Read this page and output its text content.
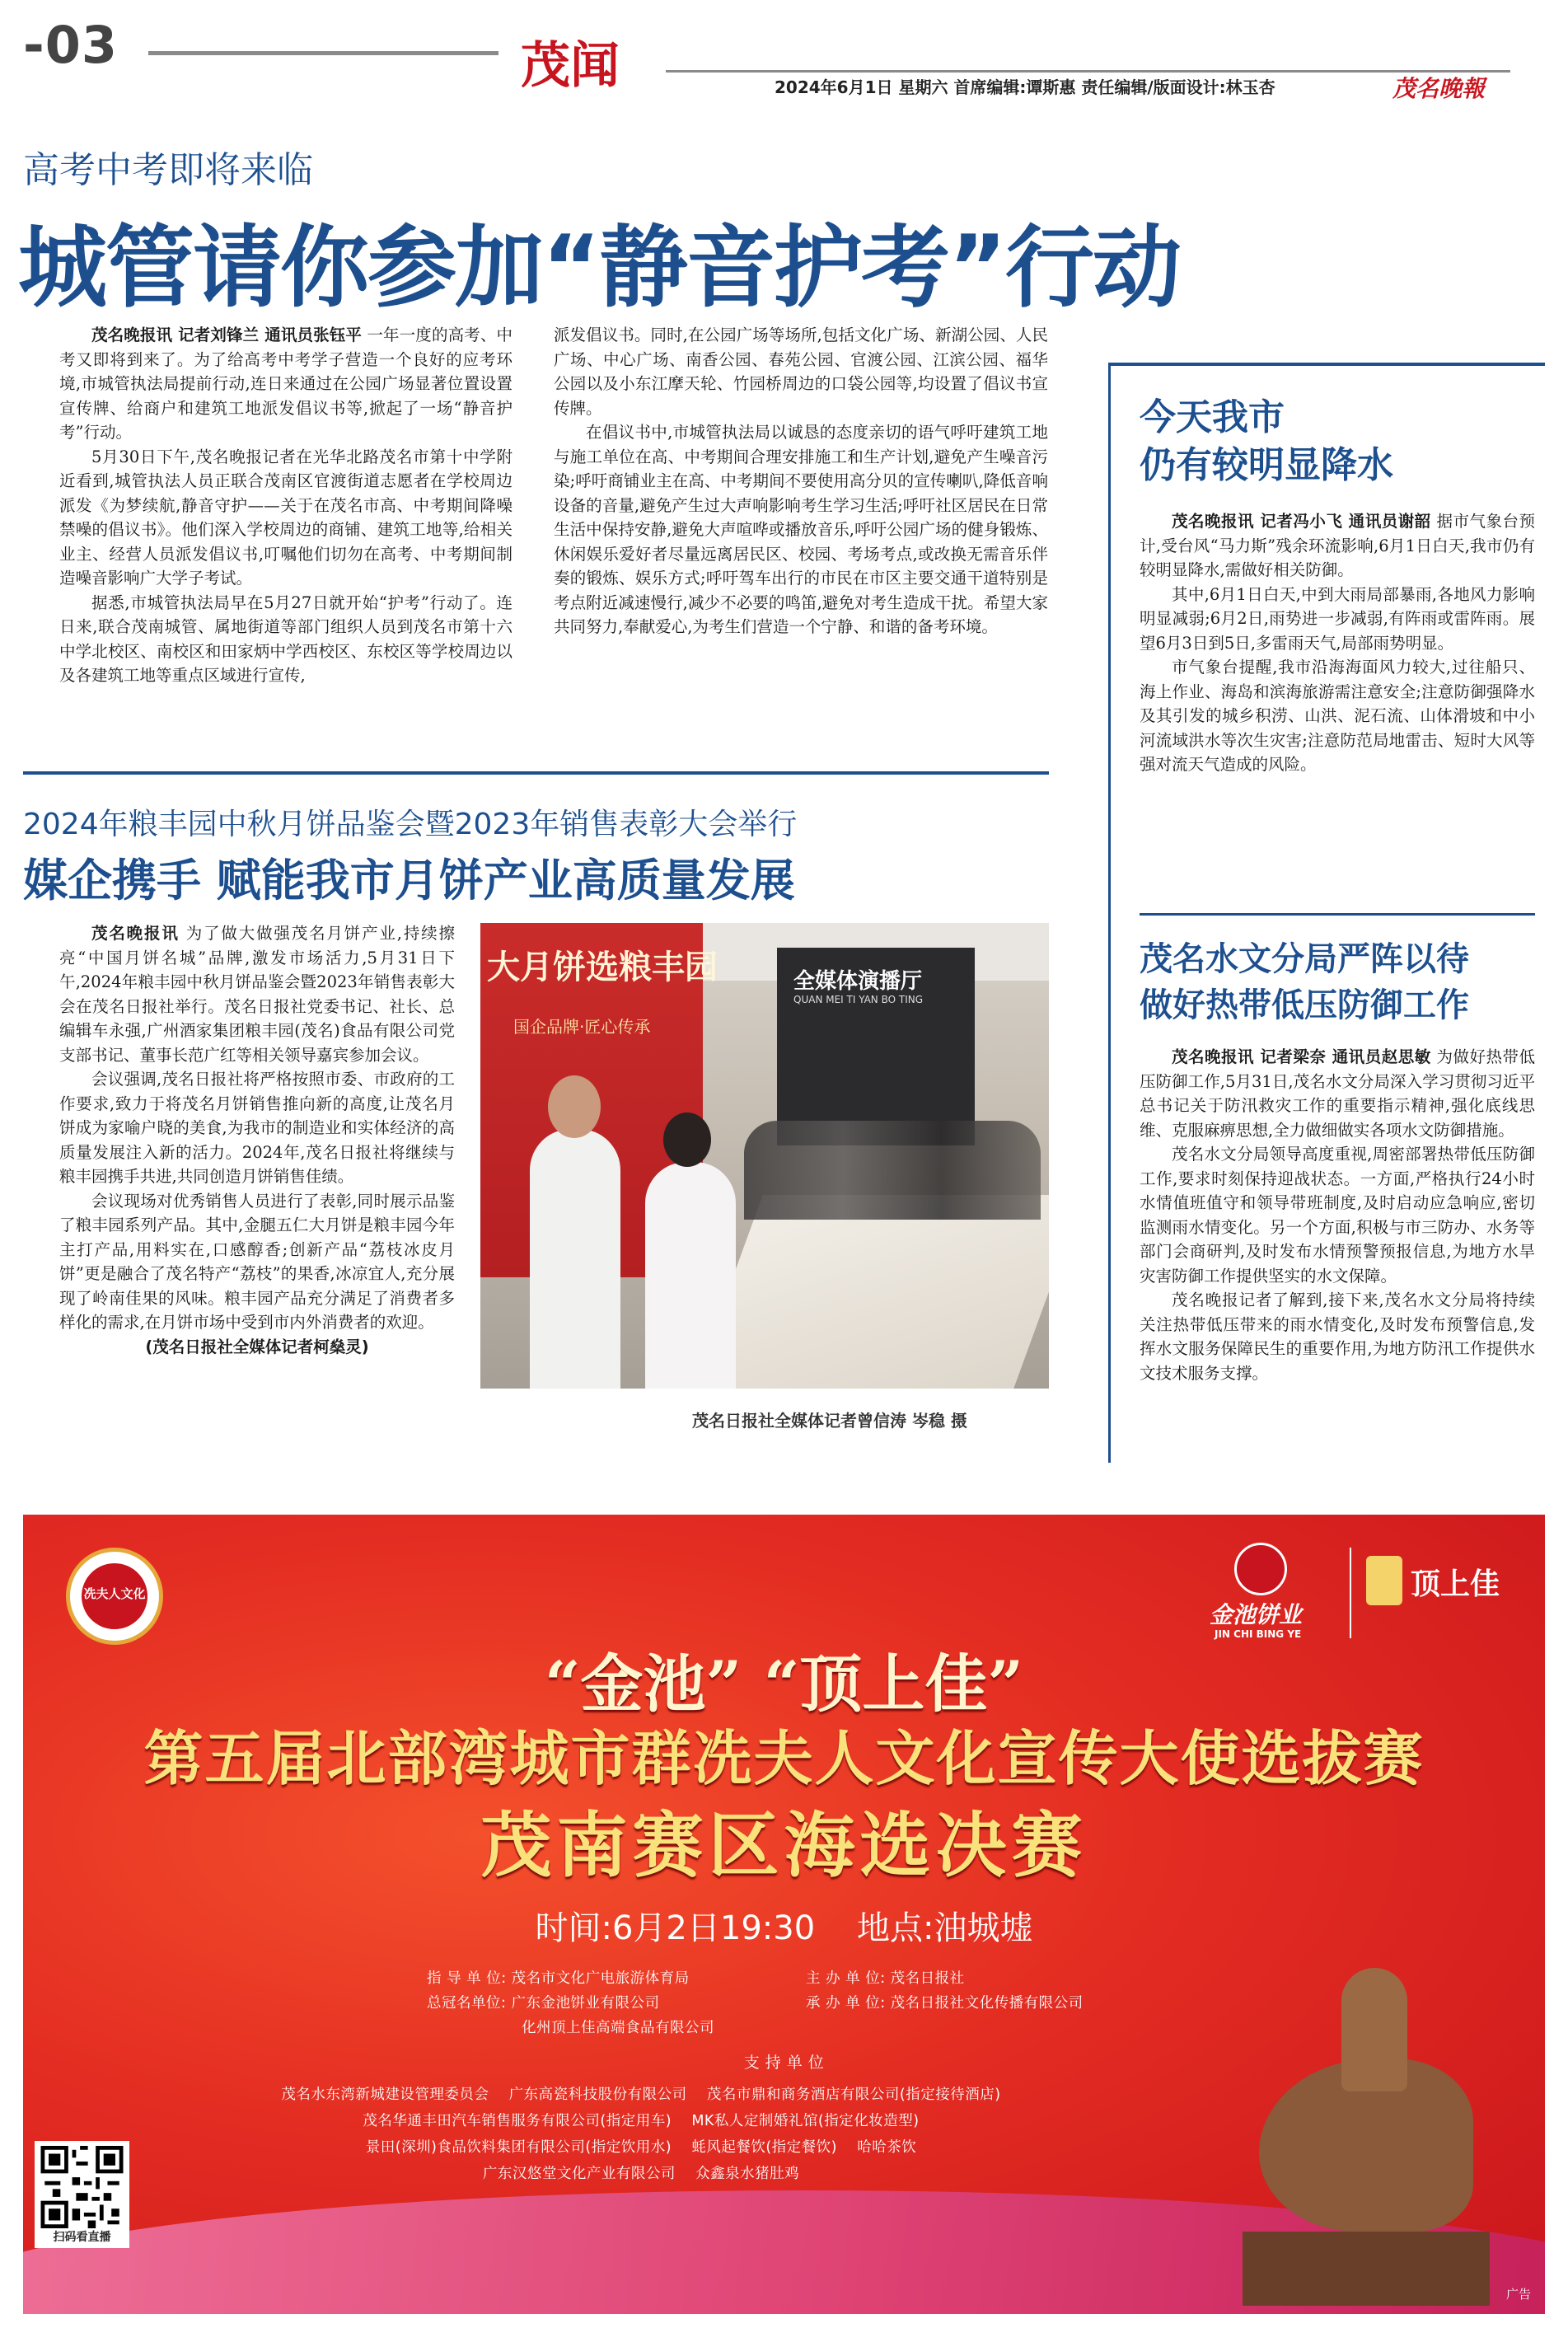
-03	茂闻	2024年6月1日 星期六 首席编辑:谭斯惠 责任编辑/版面设计:林玉杏	茂名晚報
高考中考即将来临
城管请你参加“静音护考”行动

茂名晚报讯 记者刘锋兰 通讯员张钰平 一年一度的高考、中考又即将到来了。为了给高考中考学子营造一个良好的应考环境,市城管执法局提前行动,连日来通过在公园广场显著位置设置宣传牌、给商户和建筑工地派发倡议书等,掀起了一场“静音护考”行动。

5月30日下午,茂名晚报记者在光华北路茂名市第十中学附近看到,城管执法人员正联合茂南区官渡街道志愿者在学校周边派发《为梦续航,静音守护——关于在茂名市高、中考期间降噪禁噪的倡议书》。他们深入学校周边的商铺、建筑工地等,给相关业主、经营人员派发倡议书,叮嘱他们切勿在高考、中考期间制造噪音影响广大学子考试。

据悉,市城管执法局早在5月27日就开始“护考”行动了。连日来,联合茂南城管、属地街道等部门组织人员到茂名市第十六中学北校区、南校区和田家炳中学西校区、东校区等学校周边以及各建筑工地等重点区域进行宣传,

派发倡议书。同时,在公园广场等场所,包括文化广场、新湖公园、人民广场、中心广场、南香公园、春苑公园、官渡公园、江滨公园、福华公园以及小东江摩天轮、竹园桥周边的口袋公园等,均设置了倡议书宣传牌。

在倡议书中,市城管执法局以诚恳的态度亲切的语气呼吁建筑工地与施工单位在高、中考期间合理安排施工和生产计划,避免产生噪音污染;呼吁商铺业主在高、中考期间不要使用高分贝的宣传喇叭,降低音响设备的音量,避免产生过大声响影响考生学习生活;呼吁社区居民在日常生活中保持安静,避免大声喧哗或播放音乐,呼吁公园广场的健身锻炼、休闲娱乐爱好者尽量远离居民区、校园、考场考点,或改换无需音乐伴奏的锻炼、娱乐方式;呼吁驾车出行的市民在市区主要交通干道特别是考点附近减速慢行,减少不必要的鸣笛,避免对考生造成干扰。希望大家共同努力,奉献爱心,为考生们营造一个宁静、和谐的备考环境。

2024年粮丰园中秋月饼品鉴会暨2023年销售表彰大会举行
媒企携手 赋能我市月饼产业高质量发展

茂名晚报讯 为了做大做强茂名月饼产业,持续擦亮“中国月饼名城”品牌,激发市场活力,5月31日下午,2024年粮丰园中秋月饼品鉴会暨2023年销售表彰大会在茂名日报社举行。茂名日报社党委书记、社长、总编辑车永强,广州酒家集团粮丰园(茂名)食品有限公司党支部书记、董事长范广红等相关领导嘉宾参加会议。

会议强调,茂名日报社将严格按照市委、市政府的工作要求,致力于将茂名月饼销售推向新的高度,让茂名月饼成为家喻户晓的美食,为我市的制造业和实体经济的高质量发展注入新的活力。2024年,茂名日报社将继续与粮丰园携手共进,共同创造月饼销售佳绩。

会议现场对优秀销售人员进行了表彰,同时展示品鉴了粮丰园系列产品。其中,金腿五仁大月饼是粮丰园今年主打产品,用料实在,口感醇香;创新产品“荔枝冰皮月饼”更是融合了茂名特产“荔枝”的果香,冰凉宜人,充分展现了岭南佳果的风味。粮丰园产品充分满足了消费者多样化的需求,在月饼市场中受到市内外消费者的欢迎。

(茂名日报社全媒体记者柯燊灵)

大月饼选粮丰园
国企品牌·匠心传承
全媒体演播厅
QUAN MEI TI YAN BO TING
茂名日报社全媒体记者曾信涛 岑稳 摄
今天我市
仍有较明显降水

茂名晚报讯 记者冯小飞 通讯员谢韶 据市气象台预计,受台风“马力斯”残余环流影响,6月1日白天,我市仍有较明显降水,需做好相关防御。

其中,6月1日白天,中到大雨局部暴雨,各地风力影响明显减弱;6月2日,雨势进一步减弱,有阵雨或雷阵雨。展望6月3日到5日,多雷雨天气,局部雨势明显。

市气象台提醒,我市沿海海面风力较大,过往船只、海上作业、海岛和滨海旅游需注意安全;注意防御强降水及其引发的城乡积涝、山洪、泥石流、山体滑坡和中小河流域洪水等次生灾害;注意防范局地雷击、短时大风等强对流天气造成的风险。

茂名水文分局严阵以待
做好热带低压防御工作

茂名晚报讯 记者梁奈 通讯员赵思敏 为做好热带低压防御工作,5月31日,茂名水文分局深入学习贯彻习近平总书记关于防汛救灾工作的重要指示精神,强化底线思维、克服麻痹思想,全力做细做实各项水文防御措施。

茂名水文分局领导高度重视,周密部署热带低压防御工作,要求时刻保持迎战状态。一方面,严格执行24小时水情值班值守和领导带班制度,及时启动应急响应,密切监测雨水情变化。另一个方面,积极与市三防办、水务等部门会商研判,及时发布水情预警预报信息,为地方水旱灾害防御工作提供坚实的水文保障。

茂名晚报记者了解到,接下来,茂名水文分局将持续关注热带低压带来的雨水情变化,及时发布预警信息,发挥水文服务保障民生的重要作用,为地方防汛工作提供水文技术服务支撑。

冼夫人文化
金池饼业
JIN CHI BING YE
顶上佳
“金池” “顶上佳”
第五届北部湾城市群冼夫人文化宣传大使选拔赛
茂南赛区海选决赛
时间:6月2日19:30    地点:油城墟
指 导 单 位: 茂名市文化广电旅游体育局
总冠名单位: 广东金池饼业有限公司
化州顶上佳高端食品有限公司
主 办 单 位: 茂名日报社
承 办 单 位: 茂名日报社文化传播有限公司
支 持 单 位
茂名水东湾新城建设管理委员会    广东高瓷科技股份有限公司    茂名市鼎和商务酒店有限公司(指定接待酒店)
茂名华通丰田汽车销售服务有限公司(指定用车)    MK私人定制婚礼馆(指定化妆造型)
景田(深圳)食品饮料集团有限公司(指定饮用水)    蚝风起餐饮(指定餐饮)    哈哈茶饮
广东汉悠堂文化产业有限公司    众鑫泉水猪肚鸡
扫码看直播
广告
